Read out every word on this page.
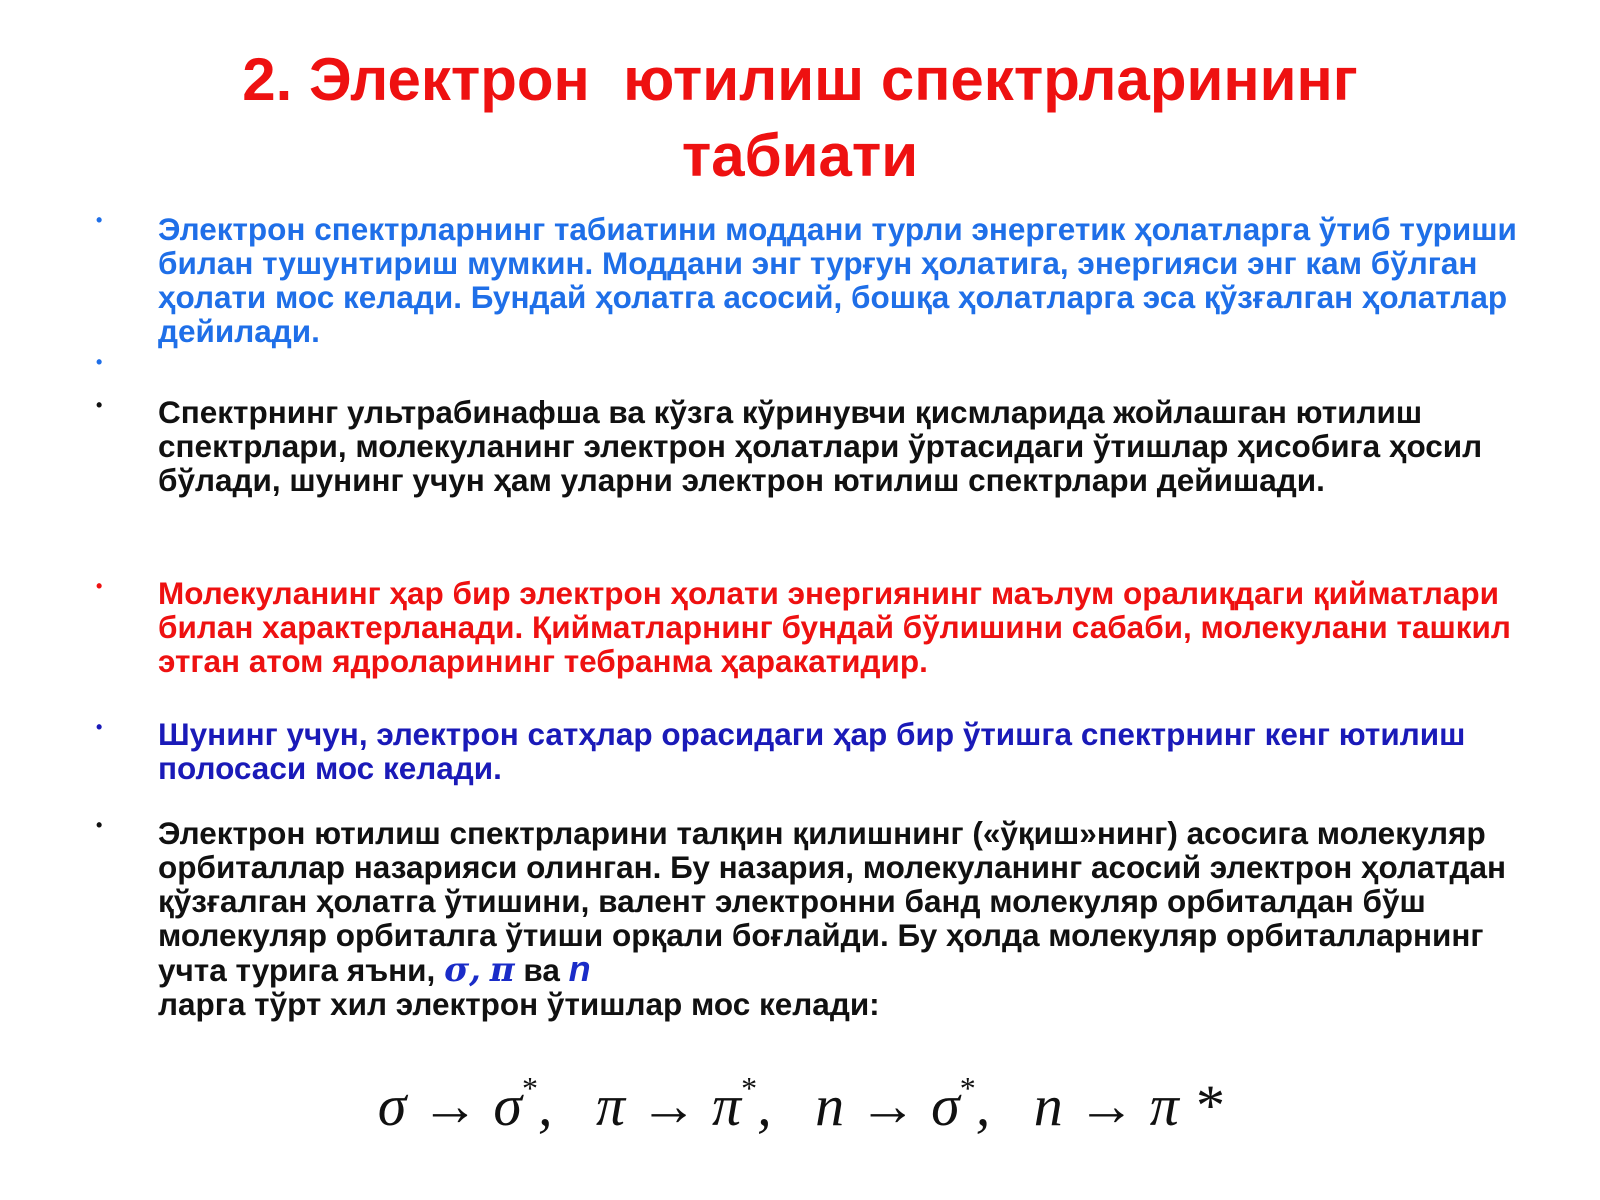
2. Электрон  ютилиш спектрларининг
табиати
• Электрон спектрларнинг табиатини моддани турли энергетик ҳолатларга ўтиб туриши билан тушунтириш мумкин. Моддани энг турғун ҳолатига, энергияси энг кам бўлган ҳолати мос келади. Бундай ҳолатга асосий, бошқа ҳолатларга эса қўзғалган ҳолатлар дейилади.
•
• Спектрнинг ультрабинафша ва кўзга кўринувчи қисмларида жойлашган ютилиш спектрлари, молекуланинг электрон ҳолатлари ўртасидаги ўтишлар ҳисобига ҳосил бўлади, шунинг учун ҳам уларни электрон ютилиш спектрлари дейишади.
• Молекуланинг ҳар бир электрон ҳолати энергиянинг маълум оралиқдаги қийматлари билан характерланади. Қийматларнинг бундай бўлишини сабаби, молекулани ташкил этган атом ядроларининг тебранма ҳаракатидир.
• Шунинг учун, электрон сатҳлар орасидаги ҳар бир ўтишга спектрнинг кенг ютилиш полосаси мос келади.
• Электрон ютилиш спектрларини талқин қилишнинг («ўқиш»нинг) асосига молекуляр орбиталлар назарияси олинган. Бу назария, молекуланинг асосий электрон ҳолатдан қўзғалган ҳолатга ўтишини, валент электронни банд молекуляр орбиталдан бўш молекуляр орбиталга ўтиши орқали боғлайди. Бу ҳолда молекуляр орбиталларнинг учта турига яъни, σ, π ва n
ларга тўрт хил электрон ўтишлар мос келади:
σ → σ*,   π → π*,   n → σ*,   n → π *
